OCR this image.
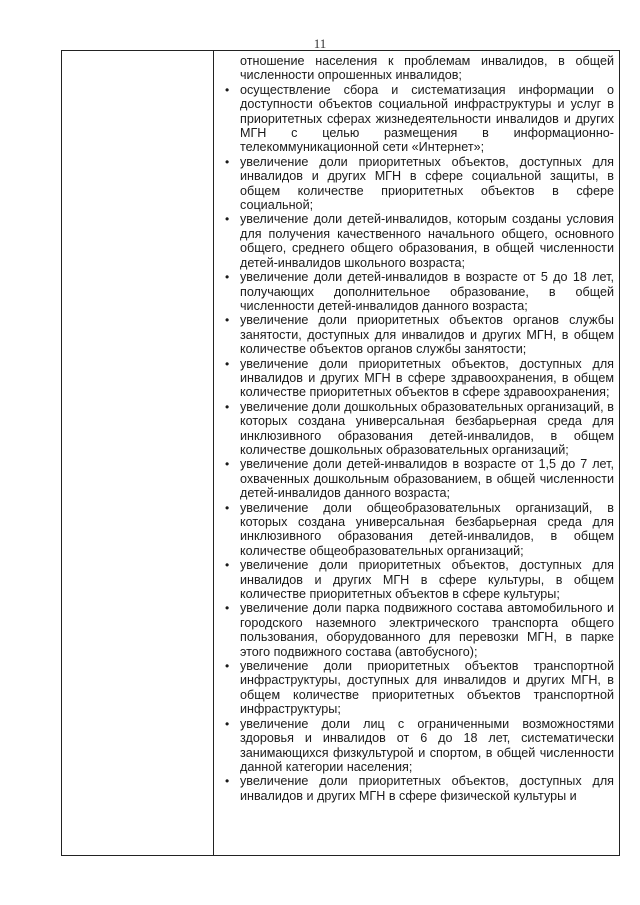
11

отношение населения к проблемам инвалидов, в общей численности опрошенных инвалидов;

• осуществление сбора и систематизация информации о доступности объектов социальной инфраструктуры и услуг в приоритетных сферах жизнедеятельности инвалидов и других МГН с целью размещения в информационно-телекоммуникационной сети «Интернет»;
• увеличение доли приоритетных объектов, доступных для инвалидов и других МГН в сфере социальной защиты, в общем количестве приоритетных объектов в сфере социальной;
• увеличение доли детей-инвалидов, которым созданы условия для получения качественного начального общего, основного общего, среднего общего образования, в общей численности детей-инвалидов школьного возраста;
• увеличение доли детей-инвалидов в возрасте от 5 до 18 лет, получающих дополнительное образование, в общей численности детей-инвалидов данного возраста;
• увеличение доли приоритетных объектов органов службы занятости, доступных для инвалидов и других МГН, в общем количестве объектов органов службы занятости;
• увеличение доли приоритетных объектов, доступных для инвалидов и других МГН в сфере здравоохранения, в общем количестве приоритетных объектов в сфере здравоохранения;
• увеличение доли дошкольных образовательных организаций, в которых создана универсальная безбарьерная среда для инклюзивного образования детей-инвалидов, в общем количестве дошкольных образовательных организаций;
• увеличение доли детей-инвалидов в возрасте от 1,5 до 7 лет, охваченных дошкольным образованием, в общей численности детей-инвалидов данного возраста;
• увеличение доли общеобразовательных организаций, в которых создана универсальная безбарьерная среда для инклюзивного образования детей-инвалидов, в общем количестве общеобразовательных организаций;
• увеличение доли приоритетных объектов, доступных для инвалидов и других МГН в сфере культуры, в общем количестве приоритетных объектов в сфере культуры;
• увеличение доли парка подвижного состава автомобильного и городского наземного электрического транспорта общего пользования, оборудованного для перевозки МГН, в парке этого подвижного состава (автобусного);
• увеличение доли приоритетных объектов транспортной инфраструктуры, доступных для инвалидов и других МГН, в общем количестве приоритетных объектов транспортной инфраструктуры;
• увеличение доли лиц с ограниченными возможностями здоровья и инвалидов от 6 до 18 лет, систематически занимающихся физкультурой и спортом, в общей численности данной категории населения;
• увеличение доли приоритетных объектов, доступных для инвалидов и других МГН в сфере физической культуры и
